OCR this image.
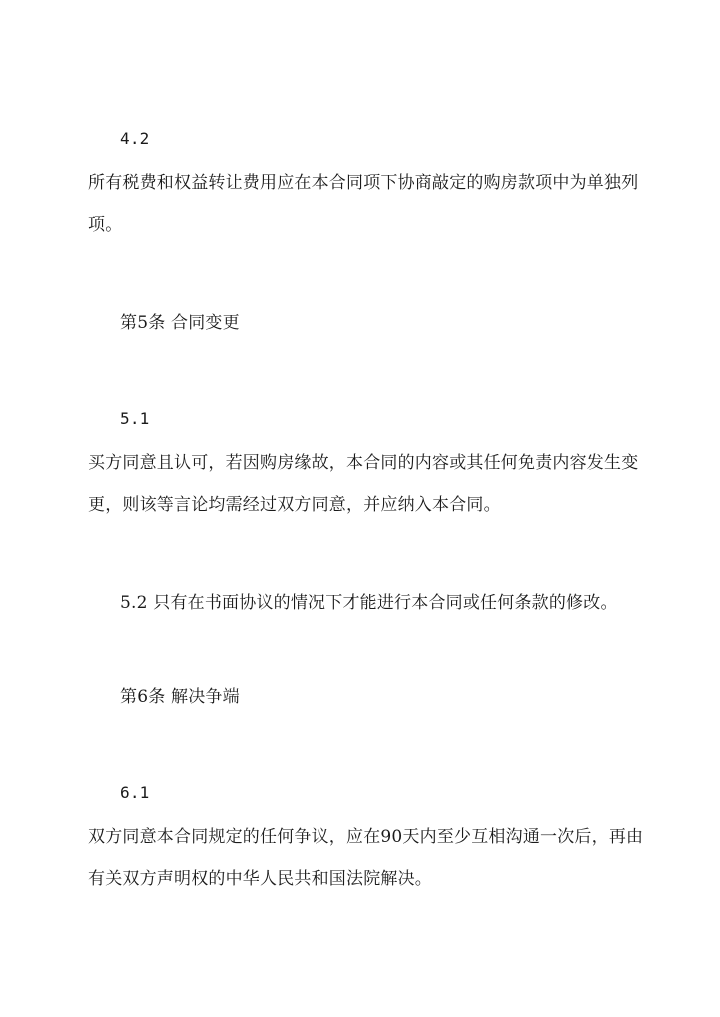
4.2
所有税费和权益转让费用应在本合同项下协商敲定的购房款项中为单独列
项。
第5条 合同变更
5.1
买方同意且认可，若因购房缘故，本合同的内容或其任何免责内容发生变
更，则该等言论均需经过双方同意，并应纳入本合同。
5.2 只有在书面协议的情况下才能进行本合同或任何条款的修改。
第6条 解决争端
6.1
双方同意本合同规定的任何争议，应在90天内至少互相沟通一次后，再由
有关双方声明权的中华人民共和国法院解决。
